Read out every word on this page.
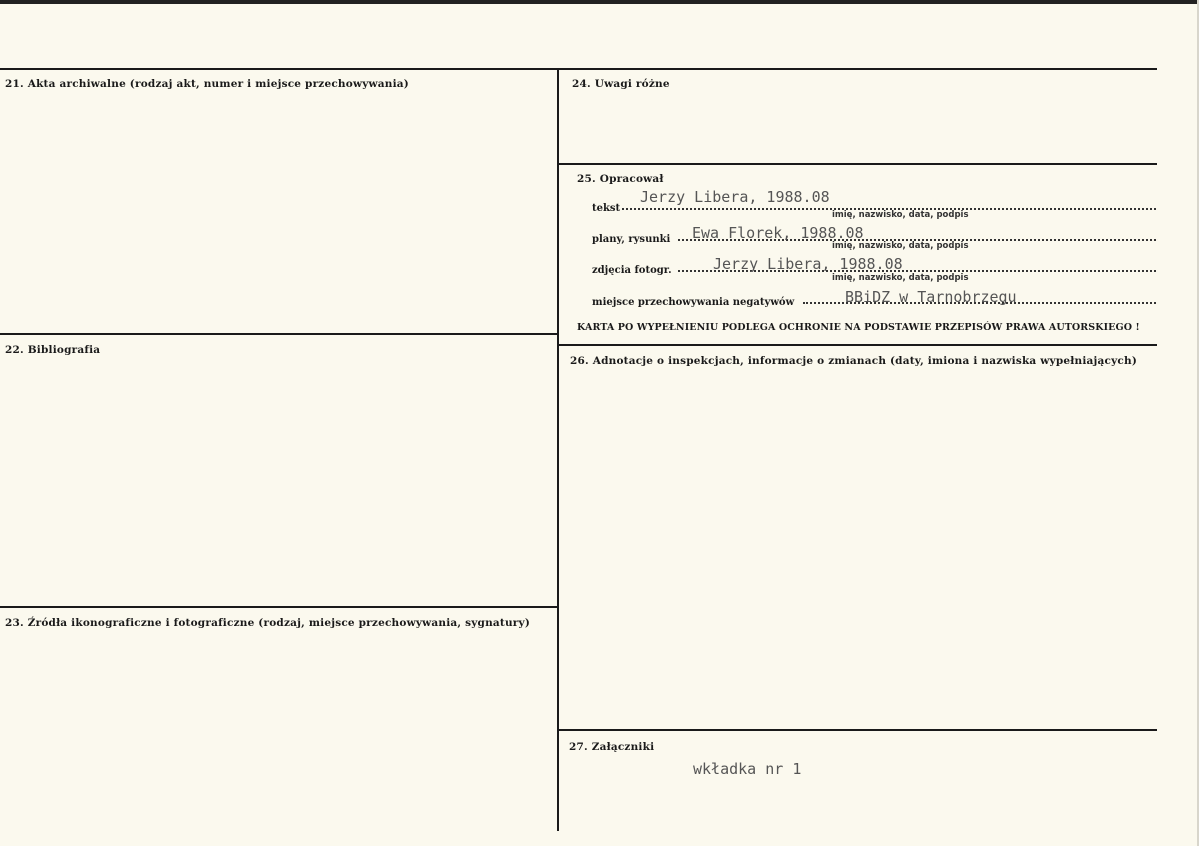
21. Akta archiwalne (rodzaj akt, numer i miejsce przechowywania)
22. Bibliografia
23. Źródła ikonograficzne i fotograficzne (rodzaj, miejsce przechowywania, sygnatury)
24. Uwagi różne
25. Opracował
tekst
Jerzy Libera, 1988.08
imię, nazwisko, data, podpis
plany, rysunki Ewa Florek, 1988.08
imię, nazwisko, data, podpis
zdjęcia fotogr.	Jerzy Libera, 1988.08
imię, nazwisko, data, podpis
miejsce przechowywania negatywów	BBiDZ w Tarnobrzegu
KARTA PO WYPEŁNIENIU PODLEGA OCHRONIE NA PODSTAWIE PRZEPISÓW PRAWA AUTORSKIEGO !
26. Adnotacje o inspekcjach, informacje o zmianach (daty, imiona i nazwiska wypełniających)
27. Załączniki
wkładka nr 1
